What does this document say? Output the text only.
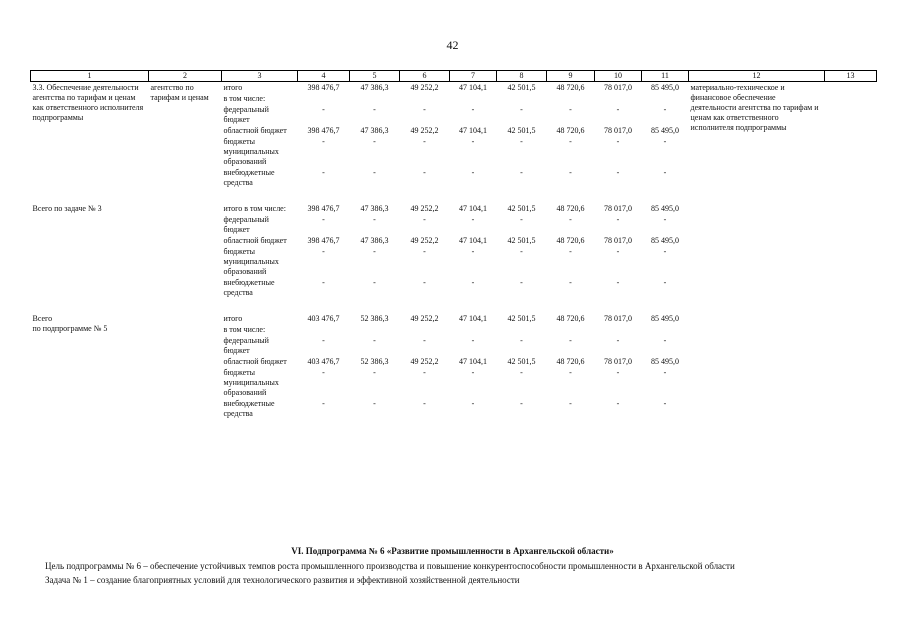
42
1	2	3	4	5	6	7	8	9	10	11	12	13
3.3. Обеспечение деятельности агентства по тарифам и ценам как ответственного исполнителя подпрограммы	агентство по тарифам и ценам	итого	398 476,7	47 386,3	49 252,2	47 104,1	42 501,5	48 720,6	78 017,0	85 495,0	материально-техническое и финансовое обеспечение деятельности агентства по тарифам и ценам как ответственного исполнителя подпрограммы	
		в том числе:										
		федеральный бюджет	-	-	-	-	-	-	-	-		
		областной бюджет	398 476,7	47 386,3	49 252,2	47 104,1	42 501,5	48 720,6	78 017,0	85 495,0		
		бюджеты муниципальных образований	-	-	-	-	-	-	-	-		
		внебюджетные средства	-	-	-	-	-	-	-	-		

Всего по задаче № 3		итого в том числе:	398 476,7	47 386,3	49 252,2	47 104,1	42 501,5	48 720,6	78 017,0	85 495,0		
		федеральный бюджет	-	-	-	-	-	-	-	-		
		областной бюджет	398 476,7	47 386,3	49 252,2	47 104,1	42 501,5	48 720,6	78 017,0	85 495,0		
		бюджеты муниципальных образований	-	-	-	-	-	-	-	-		
		внебюджетные средства	-	-	-	-	-	-	-	-		

Всего
по подпрограмме № 5		итого	403 476,7	52 386,3	49 252,2	47 104,1	42 501,5	48 720,6	78 017,0	85 495,0		
		в том числе:										
		федеральный бюджет	-	-	-	-	-	-	-	-		
		областной бюджет	403 476,7	52 386,3	49 252,2	47 104,1	42 501,5	48 720,6	78 017,0	85 495,0		
		бюджеты муниципальных образований	-	-	-	-	-	-	-	-		
		внебюджетные средства	-	-	-	-	-	-	-	-		
VI. Подпрограмма № 6 «Развитие промышленности в Архангельской области»
Цель подпрограммы № 6 – обеспечение устойчивых темпов роста промышленного производства и повышение конкурентоспособности промышленности в Архангельской области
Задача № 1 – создание благоприятных условий для технологического развития и эффективной хозяйственной деятельности
